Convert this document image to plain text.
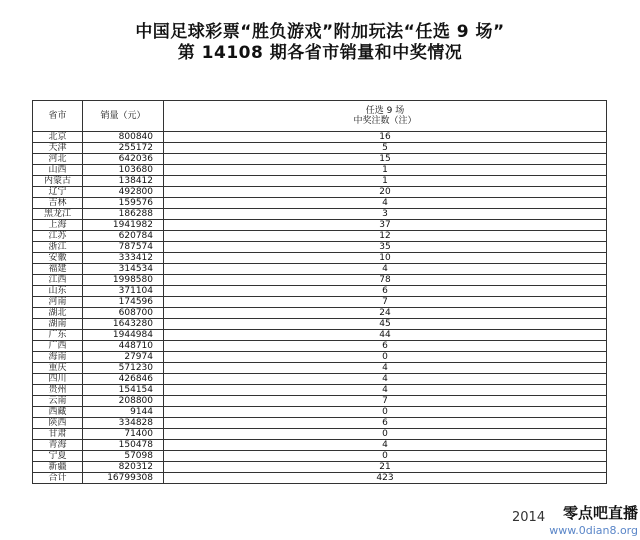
中国足球彩票“胜负游戏”附加玩法“任选 9 场”
第 14108 期各省市销量和中奖情况
省市	销量（元）	任选 9 场
中奖注数（注）

北京	800840	16
天津	255172	5
河北	642036	15
山西	103680	1
内蒙古	138412	1
辽宁	492800	20
吉林	159576	4
黑龙江	186288	3
上海	1941982	37
江苏	620784	12
浙江	787574	35
安徽	333412	10
福建	314534	4
江西	1998580	78
山东	371104	6
河南	174596	7
湖北	608700	24
湖南	1643280	45
广东	1944984	44
广西	448710	6
海南	27974	0
重庆	571230	4
四川	426846	4
贵州	154154	4
云南	208800	7
西藏	9144	0
陕西	334828	6
甘肃	71400	0
青海	150478	4
宁夏	57098	0
新疆	820312	21
合计	16799308	423
2014	零点吧直播
www.0dian8.org
